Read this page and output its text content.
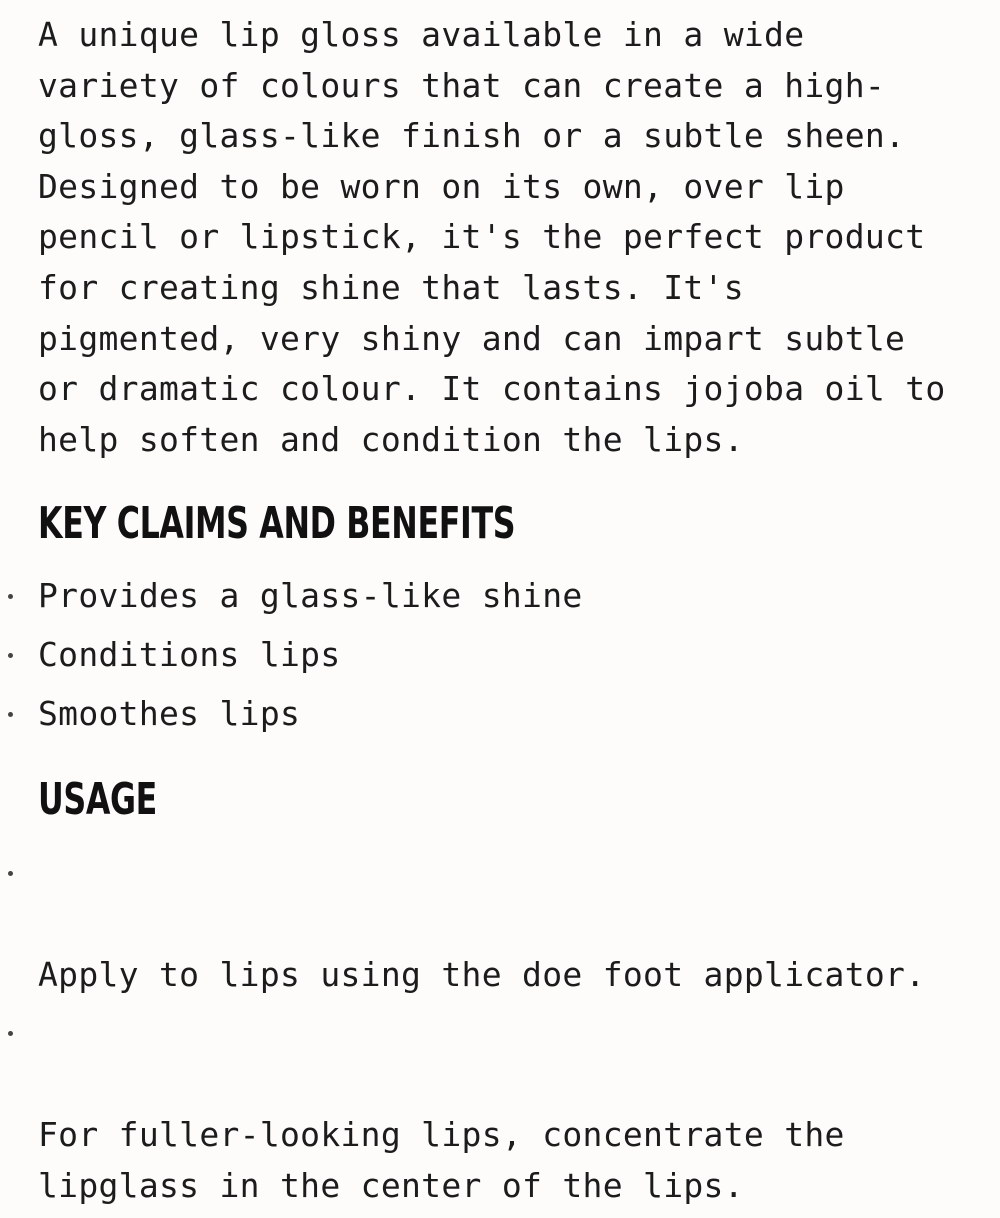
A unique lip gloss available in a wide
variety of colours that can create a high-
gloss, glass-like finish or a subtle sheen.
Designed to be worn on its own, over lip
pencil or lipstick, it's the perfect product
for creating shine that lasts. It's
pigmented, very shiny and can impart subtle
or dramatic colour. It contains jojoba oil to
help soften and condition the lips.

KEY CLAIMS AND BENEFITS
Provides a glass-like shine
Conditions lips
Smoothes lips
USAGE

Apply to lips using the doe foot applicator.

For fuller-looking lips, concentrate the
lipglass in the center of the lips.
